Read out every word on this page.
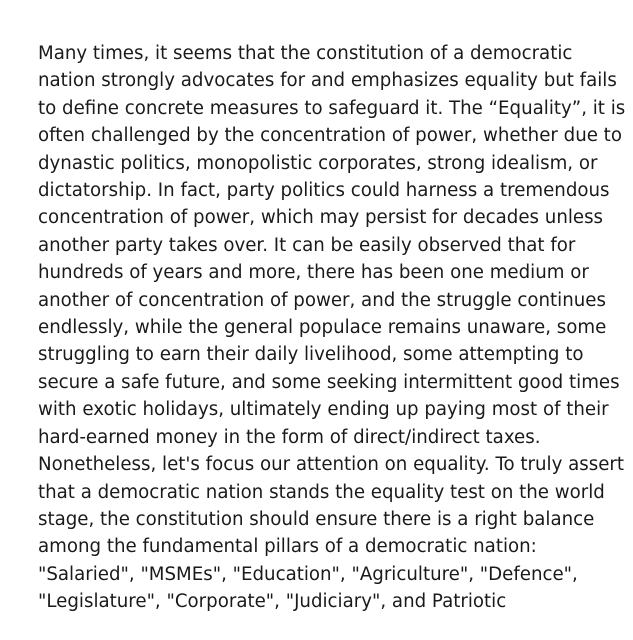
Many times, it seems that the constitution of a democratic
nation strongly advocates for and emphasizes equality but fails
to define concrete measures to safeguard it. The “Equality”, it is
often challenged by the concentration of power, whether due to
dynastic politics, monopolistic corporates, strong idealism, or
dictatorship. In fact, party politics could harness a tremendous
concentration of power, which may persist for decades unless
another party takes over. It can be easily observed that for
hundreds of years and more, there has been one medium or
another of concentration of power, and the struggle continues
endlessly, while the general populace remains unaware, some
struggling to earn their daily livelihood, some attempting to
secure a safe future, and some seeking intermittent good times
with exotic holidays, ultimately ending up paying most of their
hard-earned money in the form of direct/indirect taxes.
Nonetheless, let's focus our attention on equality. To truly assert
that a democratic nation stands the equality test on the world
stage, the constitution should ensure there is a right balance
among the fundamental pillars of a democratic nation:
"Salaried", "MSMEs", "Education", "Agriculture", "Defence",
"Legislature", "Corporate", "Judiciary", and Patriotic
